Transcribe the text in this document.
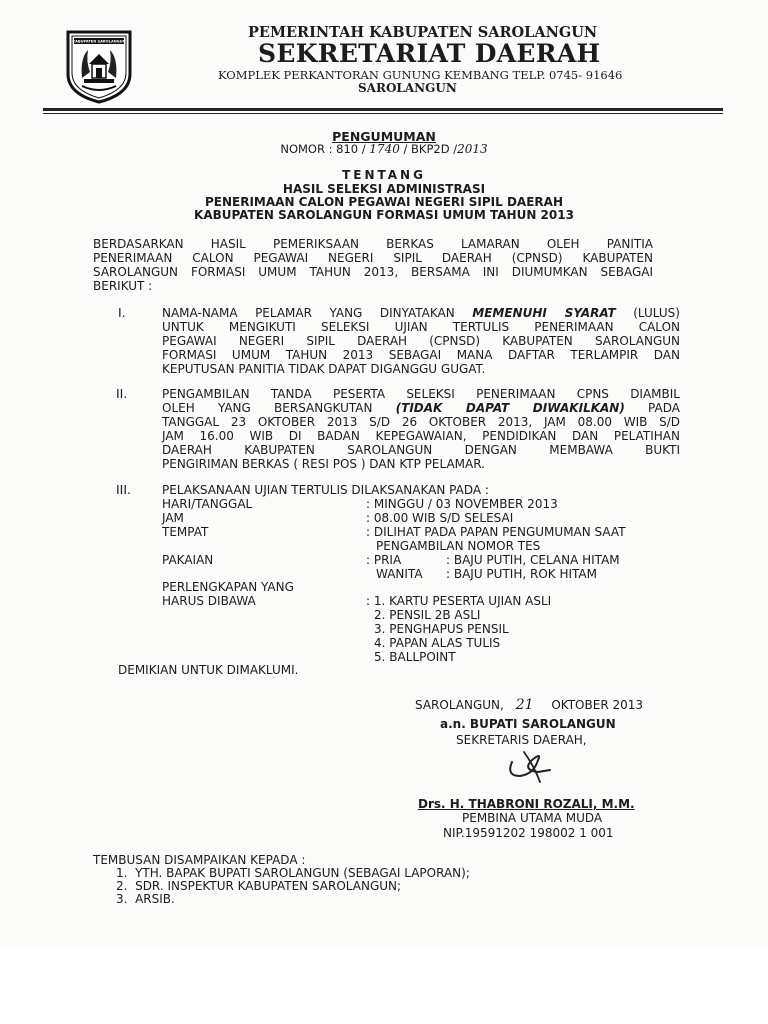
KABUPATEN SAROLANGUN
PEMERINTAH KABUPATEN SAROLANGUN
SEKRETARIAT DAERAH
KOMPLEK PERKANTORAN GUNUNG KEMBANG TELP. 0745- 91646
SAROLANGUN
PENGUMUMAN
NOMOR : 810 / 1740 / BKP2D /2013
TENTANG
HASIL SELEKSI ADMINISTRASI
PENERIMAAN CALON PEGAWAI NEGERI SIPIL DAERAH
KABUPATEN SAROLANGUN FORMASI UMUM TAHUN 2013
BERDASARKAN HASIL PEMERIKSAAN BERKAS LAMARAN OLEH PANITIA
PENERIMAAN CALON PEGAWAI NEGERI SIPIL DAERAH (CPNSD) KABUPATEN
SAROLANGUN FORMASI UMUM TAHUN 2013, BERSAMA INI DIUMUMKAN SEBAGAI
BERIKUT :
I.	NAMA-NAMA PELAMAR YANG DINYATAKAN MEMENUHI SYARAT (LULUS)
UNTUK MENGIKUTI SELEKSI UJIAN TERTULIS PENERIMAAN CALON
PEGAWAI NEGERI SIPIL DAERAH (CPNSD) KABUPATEN SAROLANGUN
FORMASI UMUM TAHUN 2013 SEBAGAI MANA DAFTAR TERLAMPIR DAN
KEPUTUSAN PANITIA TIDAK DAPAT DIGANGGU GUGAT.
II.	PENGAMBILAN TANDA PESERTA SELEKSI PENERIMAAN CPNS DIAMBIL
OLEH YANG BERSANGKUTAN (TIDAK DAPAT DIWAKILKAN) PADA
TANGGAL 23 OKTOBER 2013 S/D 26 OKTOBER 2013, JAM 08.00 WIB S/D
JAM 16.00 WIB DI BADAN KEPEGAWAIAN, PENDIDIKAN DAN PELATIHAN
DAERAH KABUPATEN SAROLANGUN DENGAN MEMBAWA BUKTI
PENGIRIMAN BERKAS ( RESI POS ) DAN KTP PELAMAR.
III.	PELAKSANAAN UJIAN TERTULIS DILAKSANAKAN PADA :
HARI/TANGGAL	: MINGGU / 03 NOVEMBER 2013
JAM	: 08.00 WIB S/D SELESAI
TEMPAT	: DILIHAT PADA PAPAN PENGUMUMAN SAAT
PENGAMBILAN NOMOR TES
PAKAIAN	: PRIA	: BAJU PUTIH, CELANA HITAM
WANITA : BAJU PUTIH, ROK HITAM
PERLENGKAPAN YANG
HARUS DIBAWA	: 1. KARTU PESERTA UJIAN ASLI
2. PENSIL 2B ASLI
3. PENGHAPUS PENSIL
4. PAPAN ALAS TULIS
5. BALLPOINT
DEMIKIAN UNTUK DIMAKLUMI.
SAROLANGUN, 21 OKTOBER 2013
a.n. BUPATI SAROLANGUN
SEKRETARIS DAERAH,
Drs. H. THABRONI ROZALI, M.M.
PEMBINA UTAMA MUDA
NIP.19591202 198002 1 001
TEMBUSAN DISAMPAIKAN KEPADA :
1.  YTH. BAPAK BUPATI SAROLANGUN (SEBAGAI LAPORAN);
2.  SDR. INSPEKTUR KABUPATEN SAROLANGUN;
3.  ARSIB.
